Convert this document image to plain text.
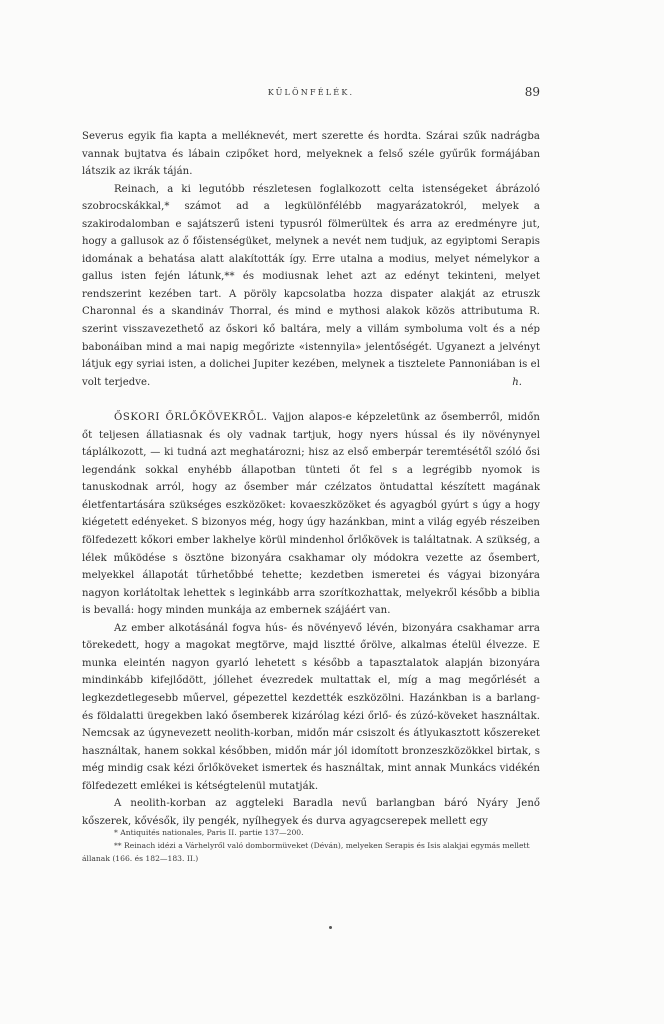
KÜLÖNFÉLÉK.	89

Severus egyik fia kapta a melléknevét, mert szerette és hordta. Szárai szűk nadrágba vannak bujtatva és lábain czipőket hord, melyeknek a felső széle gyűrűk formájában látszik az ikrák táján.

Reinach, a ki legutóbb részletesen foglalkozott celta istenségeket ábrázoló szobrocskákkal,* számot ad a legkülönfélébb magyarázatokról, melyek a szakirodalomban e sajátszerű isteni typusról fölmerültek és arra az eredményre jut, hogy a gallusok az ő főistenségüket, melynek a nevét nem tudjuk, az egyiptomi Serapis idomának a behatása alatt alakították így. Erre utalna a modius, melyet némelykor a gallus isten fején látunk,** és modiusnak lehet azt az edényt tekinteni, melyet rendszerint kezében tart. A pöröly kapcsolatba hozza dispater alakját az etruszk Charonnal és a skandináv Thorral, és mind e mythosi alakok közös attributuma R. szerint visszavezethető az őskori kő baltára, mely a villám symboluma volt és a nép babonáiban mind a mai napig megőrizte «istennyila» jelentőségét. Ugyanezt a jelvényt látjuk egy syriai isten, a dolichei Jupiter kezében, melynek a tisztelete Pannoniában is el volt terjedve.	h.

ŐSKORI ŐRLŐKÖVEKRŐL. Vajjon alapos-e képzeletünk az ősemberről, midőn őt teljesen állatiasnak és oly vadnak tartjuk, hogy nyers hússal és ily növénynyel táplálkozott, — ki tudná azt meghatározni; hisz az első emberpár teremtésétől szóló ősi legendánk sokkal enyhébb állapotban tünteti őt fel s a legrégibb nyomok is tanuskodnak arról, hogy az ősember már czélzatos öntudattal készített magának életfentartására szükséges eszközöket: kovaeszközöket és agyagból gyúrt s úgy a hogy kiégetett edényeket. S bizonyos még, hogy úgy hazánkban, mint a világ egyéb részeiben fölfedezett kőkori ember lakhelye körül mindenhol őrlőkövek is találtatnak. A szükség, a lélek működése s ösztöne bizonyára csakhamar oly módokra vezette az ősembert, melyekkel állapotát tűrhetőbbé tehette; kezdetben ismeretei és vágyai bizonyára nagyon korlátoltak lehettek s leginkább arra szorítkozhattak, melyekről később a biblia is bevallá: hogy minden munkája az embernek szájáért van.

Az ember alkotásánál fogva hús- és növényevő lévén, bizonyára csakhamar arra törekedett, hogy a magokat megtörve, majd lisztté őrölve, alkalmas ételül élvezze. E munka eleintén nagyon gyarló lehetett s később a tapasztalatok alapján bizonyára mindinkább kifejlődött, jóllehet évezredek multattak el, míg a mag megőrlését a legkezdetlegesebb műervel, gépezettel kezdették eszközölni. Hazánkban is a barlang- és földalatti üregekben lakó ősemberek kizárólag kézi őrlő- és zúzó-köveket használtak. Nemcsak az úgynevezett neolith-korban, midőn már csiszolt és átlyukasztott kőszereket használtak, hanem sokkal későbben, midőn már jól idomított bronzeszközökkel birtak, s még mindig csak kézi őrlőköveket ismertek és használtak, mint annak Munkács vidékén fölfedezett emlékei is kétségtelenül mutatják.

A neolith-korban az aggteleki Baradla nevű barlangban báró Nyáry Jenő kőszerek, kővésők, ily pengék, nyílhegyek és durva agyagcserepek mellett egy

* Antiquités nationales, Paris II. partie 137—200.

** Reinach idézi a Várhelyről való dombormüveket (Déván), melyeken Serapis és Isis alakjai egymás mellett állanak (166. és 182—183. II.)
